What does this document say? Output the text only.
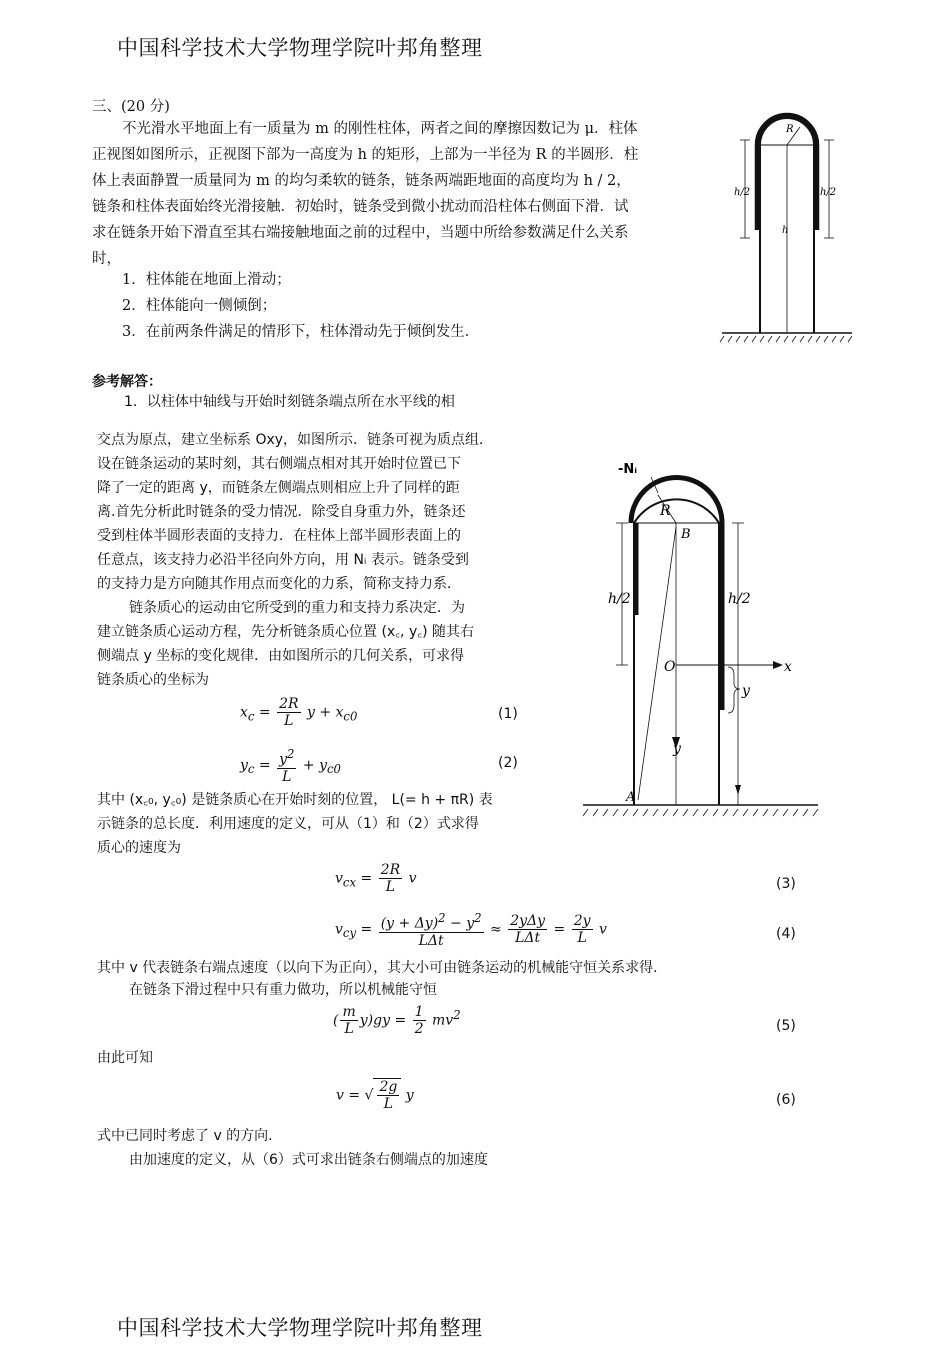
中国科学技术大学物理学院叶邦角整理
三、(20 分)
不光滑水平地面上有一质量为 m 的刚性柱体，两者之间的摩擦因数记为 μ．柱体
正视图如图所示，正视图下部为一高度为 h 的矩形，上部为一半径为 R 的半圆形．柱
体上表面静置一质量同为 m 的均匀柔软的链条，链条两端距地面的高度均为 h / 2，
链条和柱体表面始终光滑接触．初始时，链条受到微小扰动而沿柱体右侧面下滑．试
求在链条开始下滑直至其右端接触地面之前的过程中，当题中所给参数满足什么关系
时，
1．柱体能在地面上滑动；
2．柱体能向一侧倾倒；
3．在前两条件满足的情形下，柱体滑动先于倾倒发生．
R
h/2	h/2
h
参考解答：
1．以柱体中轴线与开始时刻链条端点所在水平线的相
交点为原点，建立坐标系 Oxy，如图所示．链条可视为质点组．
设在链条运动的某时刻，其右侧端点相对其开始时位置已下
降了一定的距离 y，而链条左侧端点则相应上升了同样的距
离.首先分析此时链条的受力情况．除受自身重力外，链条还
受到柱体半圆形表面的支持力．在柱体上部半圆形表面上的
任意点，该支持力必沿半径向外方向，用 Nᵢ 表示。链条受到
的支持力是方向随其作用点而变化的力系，简称支持力系．
链条质心的运动由它所受到的重力和支持力系决定．为
建立链条质心运动方程，先分析链条质心位置 (x꜀, y꜀) 随其右
侧端点 y 坐标的变化规律．由如图所示的几何关系，可求得
链条质心的坐标为
$x_c = \frac{2R}{L}$ $y + x_{c0}$	(1)
$y_c = \frac{y^2}{L} + y_{c0}$	(2)
其中 (x꜀₀, y꜀₀) 是链条质心在开始时刻的位置， L(= h + πR) 表
示链条的总长度．利用速度的定义，可从（1）和（2）式求得
质心的速度为
$v_{cx} = \frac{2R}{L}$ v	(3)
$v_{cy} = \frac{(y + \Delta y)^2 - y^2}{\text{LΔt}} \approx \frac{\text{2yΔy}}{\text{LΔt}} = \frac{2y}{L}$ v	(4)
其中 v 代表链条右端点速度（以向下为正向），其大小可由链条运动的机械能守恒关系求得.
在链条下滑过程中只有重力做功，所以机械能守恒
( $\frac{m}{L} y)gy = \frac{1}{2} mv^2$
(5)
由此可知
v = √ $\frac{2g}{L}$ y	(6)
式中已同时考虑了 v 的方向.
由加速度的定义，从（6）式可求出链条右侧端点的加速度
-Nᵢ
R
B
h/2	h/2
O	x
y
y
A
中国科学技术大学物理学院叶邦角整理
